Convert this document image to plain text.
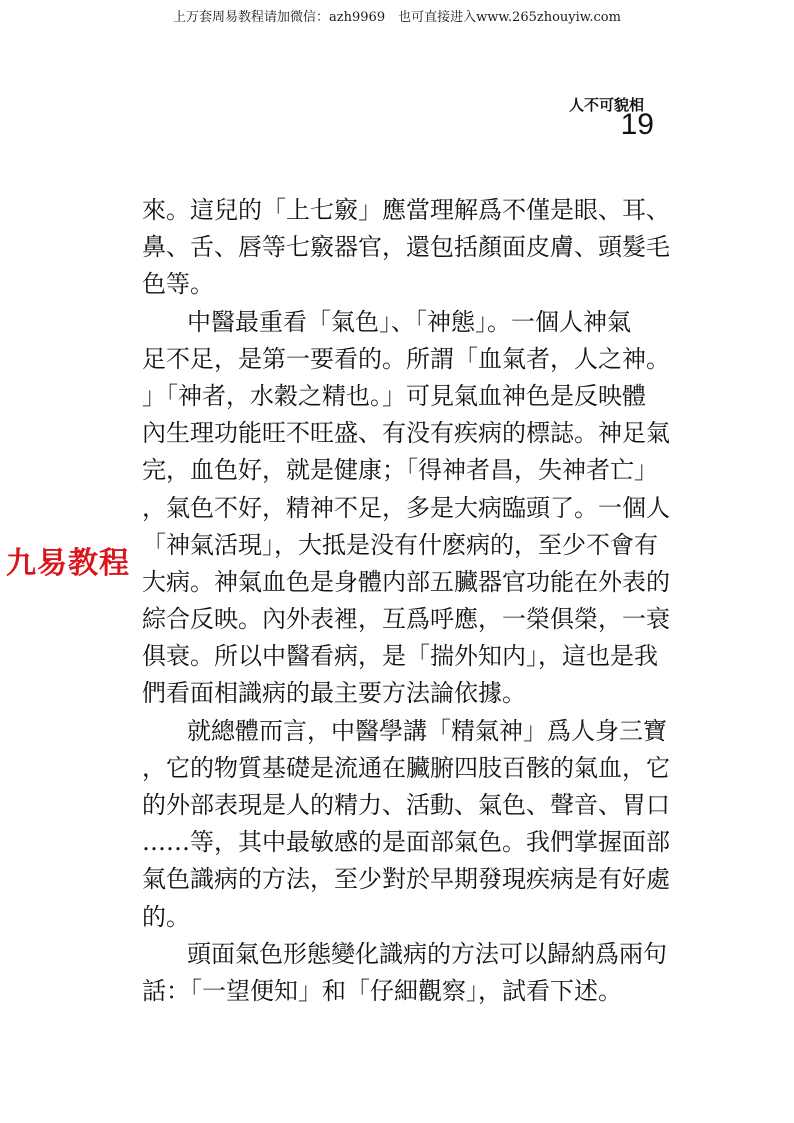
上万套周易教程请加微信：azh9969　也可直接进入www.265zhouyiw.com
人不可貌相
19
九易教程
來。這兒的「上七竅」應當理解爲不僅是眼、耳、
鼻、舌、唇等七竅器官，還包括顏面皮膚、頭髮毛
色等。
中醫最重看「氣色」、「神態」。一個人神氣
足不足，是第一要看的。所謂「血氣者，人之神。
」「神者，水穀之精也。」可見氣血神色是反映體
內生理功能旺不旺盛、有没有疾病的標誌。神足氣
完，血色好，就是健康；「得神者昌，失神者亡」
，氣色不好，精神不足，多是大病臨頭了。一個人
「神氣活現」，大抵是没有什麽病的，至少不會有
大病。神氣血色是身體内部五臟器官功能在外表的
綜合反映。內外表裡，互爲呼應，一榮俱榮，一衰
俱衰。所以中醫看病，是「揣外知内」，這也是我
們看面相識病的最主要方法論依據。
就總體而言，中醫學講「精氣神」爲人身三寶
，它的物質基礎是流通在臟腑四肢百骸的氣血，它
的外部表現是人的精力、活動、氣色、聲音、胃口
……等，其中最敏感的是面部氣色。我們掌握面部
氣色識病的方法，至少對於早期發現疾病是有好處
的。
頭面氣色形態變化識病的方法可以歸納爲兩句
話：「一望便知」和「仔細觀察」，試看下述。
